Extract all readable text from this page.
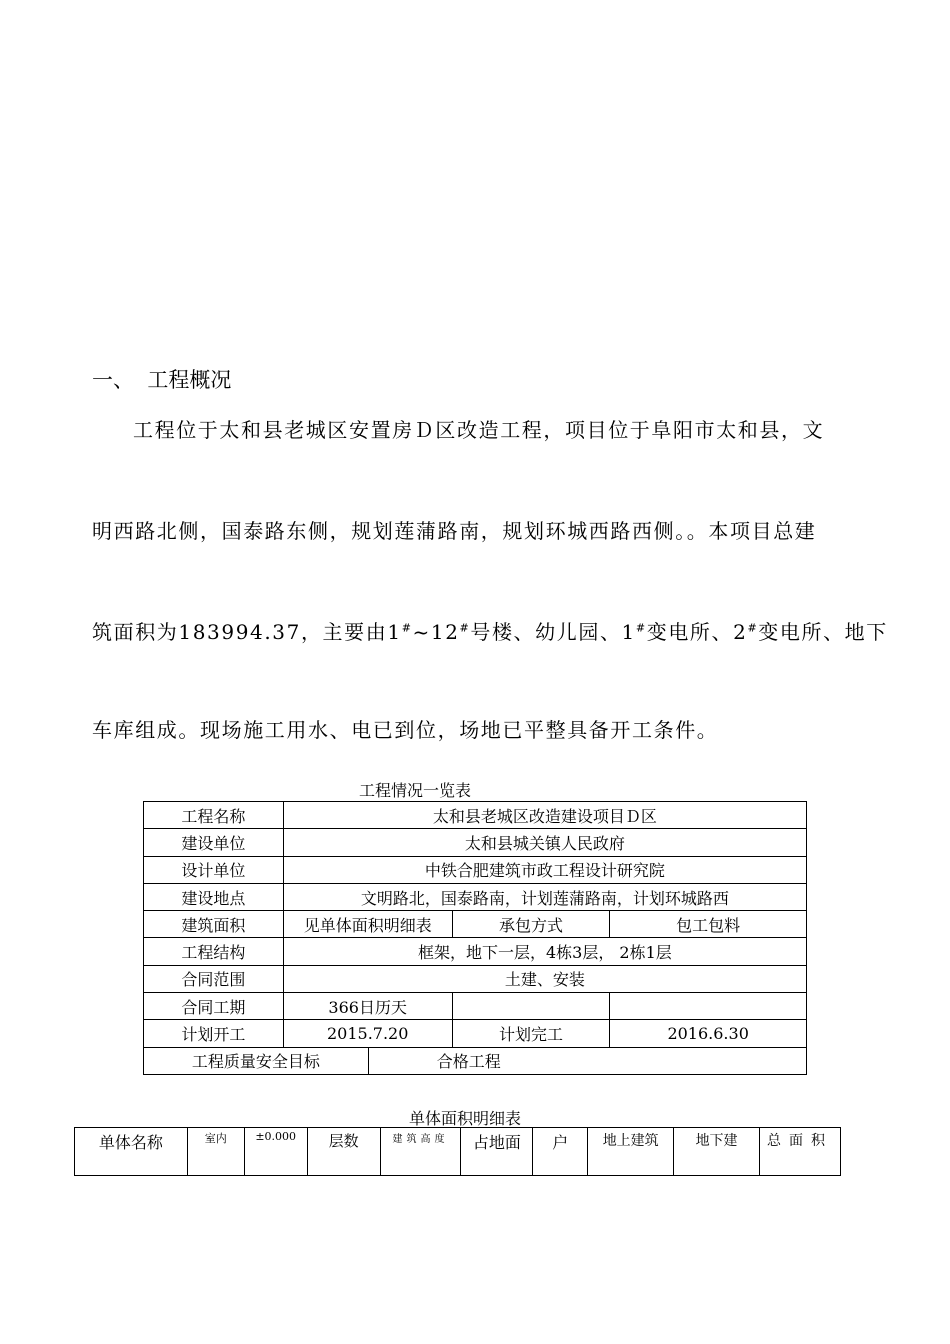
一、 工程概况
工程位于太和县老城区安置房Ｄ区改造工程，项目位于阜阳市太和县，文
明西路北侧，国泰路东侧，规划莲蒲路南，规划环城西路西侧。。本项目总建
筑面积为183994.37，主要由1#~12#号楼、幼儿园、1#变电所、2#变电所、地下
车库组成。现场施工用水、电已到位，场地已平整具备开工条件。
工程情况一览表
工程名称	太和县老城区改造建设项目Ｄ区			
建设单位	太和县城关镇人民政府			
设计单位	中铁合肥建筑市政工程设计研究院			
建设地点	文明路北，国泰路南，计划莲蒲路南，计划环城路西			
建筑面积	见单体面积明细表		承包方式	包工包料
工程结构	框架，地下一层，4栋3层， 2栋1层			
合同范围	土建、安装			
合同工期	366日历天			
计划开工	2015.7.20		计划完工	2016.6.30
工程质量安全目标		合格工程		
单体面积明细表
单体名称	室内	±0.000	层数	建筑高度	占地面	户	地上建筑	地下建	总面积
